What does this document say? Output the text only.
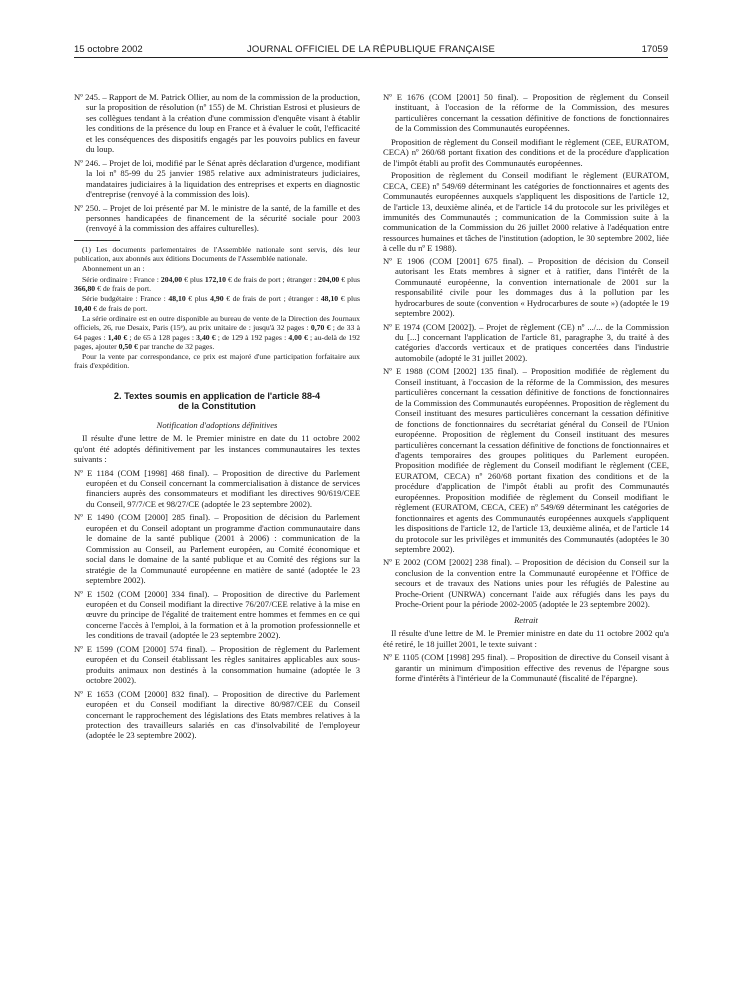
15 octobre 2002	JOURNAL OFFICIEL DE LA RÉPUBLIQUE FRANÇAISE	17059

Nº 245. – Rapport de M. Patrick Ollier, au nom de la commission de la production, sur la proposition de résolution (nº 155) de M. Christian Estrosi et plusieurs de ses collègues tendant à la création d'une commission d'enquête visant à établir les conditions de la présence du loup en France et à évaluer le coût, l'efficacité et les conséquences des dispositifs engagés par les pouvoirs publics en faveur du loup.

Nº 246. – Projet de loi, modifié par le Sénat après déclaration d'urgence, modifiant la loi nº 85-99 du 25 janvier 1985 relative aux administrateurs judiciaires, mandataires judiciaires à la liquidation des entreprises et experts en diagnostic d'entreprise (renvoyé à la commission des lois).

Nº 250. – Projet de loi présenté par M. le ministre de la santé, de la famille et des personnes handicapées de financement de la sécurité sociale pour 2003 (renvoyé à la commission des affaires culturelles).

(1) Les documents parlementaires de l'Assemblée nationale sont servis, dès leur publication, aux abonnés aux éditions Documents de l'Assemblée nationale.

Abonnement un an :

Série ordinaire : France : 204,00 € plus 172,10 € de frais de port ; étranger : 204,00 € plus 366,80 € de frais de port.

Série budgétaire : France : 48,10 € plus 4,90 € de frais de port ; étranger : 48,10 € plus 10,40 € de frais de port.

La série ordinaire est en outre disponible au bureau de vente de la Direction des Journaux officiels, 26, rue Desaix, Paris (15ᵉ), au prix unitaire de : jusqu'à 32 pages : 0,70 € ; de 33 à 64 pages : 1,40 € ; de 65 à 128 pages : 3,40 € ; de 129 à 192 pages : 4,00 € ; au-delà de 192 pages, ajouter 0,50 € par tranche de 32 pages.

Pour la vente par correspondance, ce prix est majoré d'une participation forfaitaire aux frais d'expédition.

2. Textes soumis en application de l'article 88-4
de la Constitution
Notification d'adoptions définitives

Il résulte d'une lettre de M. le Premier ministre en date du 11 octobre 2002 qu'ont été adoptés définitivement par les instances communautaires les textes suivants :

Nº E 1184 (COM [1998] 468 final). – Proposition de directive du Parlement européen et du Conseil concernant la commercialisation à distance de services financiers auprès des consommateurs et modifiant les directives 90/619/CEE du Conseil, 97/7/CE et 98/27/CE (adoptée le 23 septembre 2002).

Nº E 1490 (COM [2000] 285 final). – Proposition de décision du Parlement européen et du Conseil adoptant un programme d'action communautaire dans le domaine de la santé publique (2001 à 2006) : communication de la Commission au Conseil, au Parlement européen, au Comité économique et social dans le domaine de la santé publique et au Comité des régions sur la stratégie de la Communauté européenne en matière de santé (adoptée le 23 septembre 2002).

Nº E 1502 (COM [2000] 334 final). – Proposition de directive du Parlement européen et du Conseil modifiant la directive 76/207/CEE relative à la mise en œuvre du principe de l'égalité de traitement entre hommes et femmes en ce qui concerne l'accès à l'emploi, à la formation et à la promotion professionnelle et les conditions de travail (adoptée le 23 septembre 2002).

Nº E 1599 (COM [2000] 574 final). – Proposition de règlement du Parlement européen et du Conseil établissant les règles sanitaires applicables aux sous-produits animaux non destinés à la consommation humaine (adoptée le 3 octobre 2002).

Nº E 1653 (COM [2000] 832 final). – Proposition de directive du Parlement européen et du Conseil modifiant la directive 80/987/CEE du Conseil concernant le rapprochement des législations des Etats membres relatives à la protection des travailleurs salariés en cas d'insolvabilité de l'employeur (adoptée le 23 septembre 2002).

Nº E 1676 (COM [2001] 50 final). – Proposition de règlement du Conseil instituant, à l'occasion de la réforme de la Commission, des mesures particulières concernant la cessation définitive de fonctions de fonctionnaires de la Commission des Communautés européennes.

Proposition de règlement du Conseil modifiant le règlement (CEE, EURATOM, CECA) nº 260/68 portant fixation des conditions et de la procédure d'application de l'impôt établi au profit des Communautés européennes.

Proposition de règlement du Conseil modifiant le règlement (EURATOM, CECA, CEE) nº 549/69 déterminant les catégories de fonctionnaires et agents des Communautés européennes auxquels s'appliquent les dispositions de l'article 12, de l'article 13, deuxième alinéa, et de l'article 14 du protocole sur les privilèges et immunités des Communautés ; communication de la Commission suite à la communication de la Commission du 26 juillet 2000 relative à l'adéquation entre ressources humaines et tâches de l'institution (adoption, le 30 septembre 2002, liée à celle du nº E 1988).

Nº E 1906 (COM [2001] 675 final). – Proposition de décision du Conseil autorisant les Etats membres à signer et à ratifier, dans l'intérêt de la Communauté européenne, la convention internationale de 2001 sur la responsabilité civile pour les dommages dus à la pollution par les hydrocarbures de soute (convention « Hydrocarbures de soute ») (adoptée le 19 septembre 2002).

Nº E 1974 (COM [2002]). – Projet de règlement (CE) nº .../... de la Commission du [...] concernant l'application de l'article 81, paragraphe 3, du traité à des catégories d'accords verticaux et de pratiques concertées dans l'industrie automobile (adopté le 31 juillet 2002).

Nº E 1988 (COM [2002] 135 final). – Proposition modifiée de règlement du Conseil instituant, à l'occasion de la réforme de la Commission, des mesures particulières concernant la cessation définitive de fonctions de fonctionnaires de la Commission des Communautés européennes. Proposition de règlement du Conseil instituant des mesures particulières concernant la cessation définitive de fonctions de fonctionnaires du secrétariat général du Conseil de l'Union européenne. Proposition de règlement du Conseil instituant des mesures particulières concernant la cessation définitive de fonctions de fonctionnaires et d'agents temporaires des groupes politiques du Parlement européen. Proposition modifiée de règlement du Conseil modifiant le règlement (CEE, EURATOM, CECA) nº 260/68 portant fixation des conditions et de la procédure d'application de l'impôt établi au profit des Communautés européennes. Proposition modifiée de règlement du Conseil modifiant le règlement (EURATOM, CECA, CEE) nº 549/69 déterminant les catégories de fonctionnaires et agents des Communautés européennes auxquels s'appliquent les dispositions de l'article 12, de l'article 13, deuxième alinéa, et de l'article 14 du protocole sur les privilèges et immunités des Communautés (adoptées le 30 septembre 2002).

Nº E 2002 (COM [2002] 238 final). – Proposition de décision du Conseil sur la conclusion de la convention entre la Communauté européenne et l'Office de secours et de travaux des Nations unies pour les réfugiés de Palestine au Proche-Orient (UNRWA) concernant l'aide aux réfugiés dans les pays du Proche-Orient pour la période 2002-2005 (adoptée le 23 septembre 2002).

Retrait

Il résulte d'une lettre de M. le Premier ministre en date du 11 octobre 2002 qu'a été retiré, le 18 juillet 2001, le texte suivant :

Nº E 1105 (COM [1998] 295 final). – Proposition de directive du Conseil visant à garantir un minimum d'imposition effective des revenus de l'épargne sous forme d'intérêts à l'intérieur de la Communauté (fiscalité de l'épargne).
